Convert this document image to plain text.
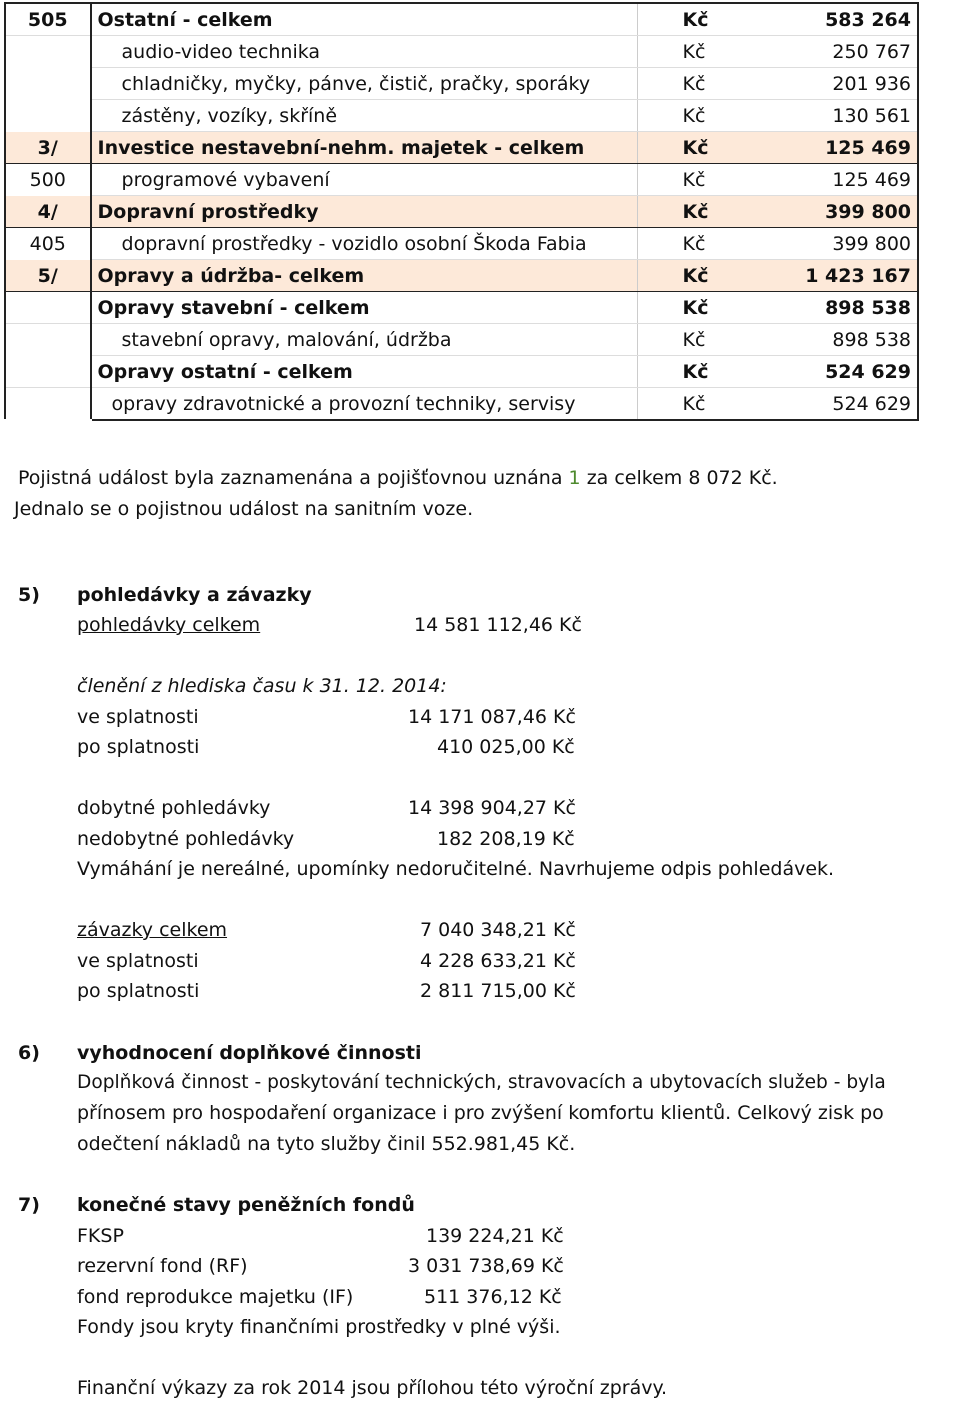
505	Ostatní - celkem	Kč	583 264
	audio-video technika	Kč	250 767
	chladničky, myčky, pánve, čistič, pračky, sporáky	Kč	201 936
	zástěny, vozíky, skříně	Kč	130 561
3/	Investice nestavební-nehm. majetek - celkem	Kč	125 469
500	programové vybavení	Kč	125 469
4/	Dopravní prostředky	Kč	399 800
405	dopravní prostředky - vozidlo osobní Škoda Fabia	Kč	399 800
5/	Opravy a údržba- celkem	Kč	1 423 167
	Opravy stavební - celkem	Kč	898 538
	stavební opravy, malování, údržba	Kč	898 538
	Opravy ostatní - celkem	Kč	524 629
	opravy zdravotnické a provozní techniky, servisy	Kč	524 629
Pojistná událost byla zaznamenána a pojišťovnou uznána 1 za celkem 8 072 Kč.
Jednalo se o pojistnou událost na sanitním voze.
5) pohledávky a závazky
pohledávky celkem	14 581 112,46 Kč
členění z hlediska času k 31. 12. 2014:
ve splatnosti	14 171 087,46 Kč
po splatnosti	410 025,00 Kč
dobytné pohledávky	14 398 904,27 Kč
nedobytné pohledávky	182 208,19 Kč
Vymáhání je nereálné, upomínky nedoručitelné. Navrhujeme odpis pohledávek.
závazky celkem	7 040 348,21 Kč
ve splatnosti	4 228 633,21 Kč
po splatnosti	2 811 715,00 Kč
6) vyhodnocení doplňkové činnosti
Doplňková činnost - poskytování technických, stravovacích a ubytovacích služeb - byla
přínosem pro hospodaření organizace i pro zvýšení komfortu klientů. Celkový zisk po
odečtení nákladů na tyto služby činil 552.981,45 Kč.
7) konečné stavy peněžních fondů
FKSP	139 224,21 Kč
rezervní fond (RF)	3 031 738,69 Kč
fond reprodukce majetku (IF)	511 376,12 Kč
Fondy jsou kryty finančními prostředky v plné výši.
Finanční výkazy za rok 2014 jsou přílohou této výroční zprávy.
